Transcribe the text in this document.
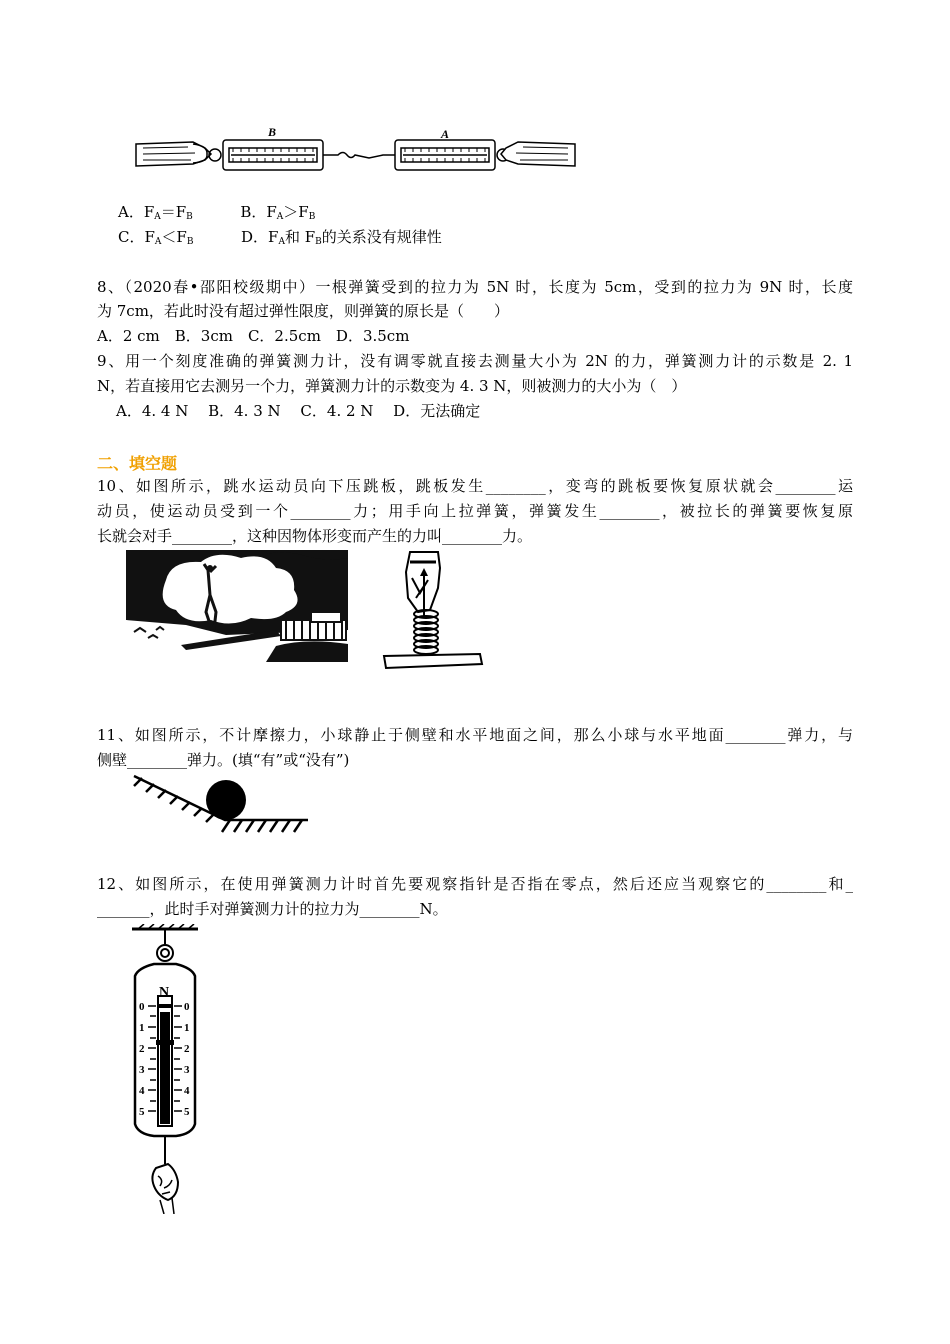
B	A
A．$F_A=F_B$	B．$F_A>F_B$
C．$F_A<F_B$	D．$F_A$和 $F_B$的关系没有规律性
8、（2020春•邵阳校级期中）一根弹簧受到的拉力为 5N 时，长度为 5cm，受到的拉力为 9N 时，长度
为 7cm，若此时没有超过弹性限度，则弹簧的原长是（　　）
A．2 cm　B．3cm　C．2.5cm　D．3.5cm
9、用一个刻度准确的弹簧测力计，没有调零就直接去测量大小为 2N 的力，弹簧测力计的示数是 2. 1
N，若直接用它去测另一个力，弹簧测力计的示数变为 4. 3 N，则被测力的大小为（　）
A．4. 4 N　 B．4. 3 N　 C．4. 2 N　 D．无法确定
二、填空题
10、如图所示，跳水运动员向下压跳板，跳板发生________，变弯的跳板要恢复原状就会________运
动员，使运动员受到一个________力；用手向上拉弹簧，弹簧发生________，被拉长的弹簧要恢复原
长就会对手________，这种因物体形变而产生的力叫________力。
11、如图所示，不计摩擦力，小球静止于侧壁和水平地面之间，那么小球与水平地面________弹力，与
侧壁________弹力。(填“有”或“没有”)
12、如图所示，在使用弹簧测力计时首先要观察指针是否指在零点，然后还应当观察它的________和_
_______，此时手对弹簧测力计的拉力为________N。
N
0	0
1	1
2	2
3	3
4	4
5	5
